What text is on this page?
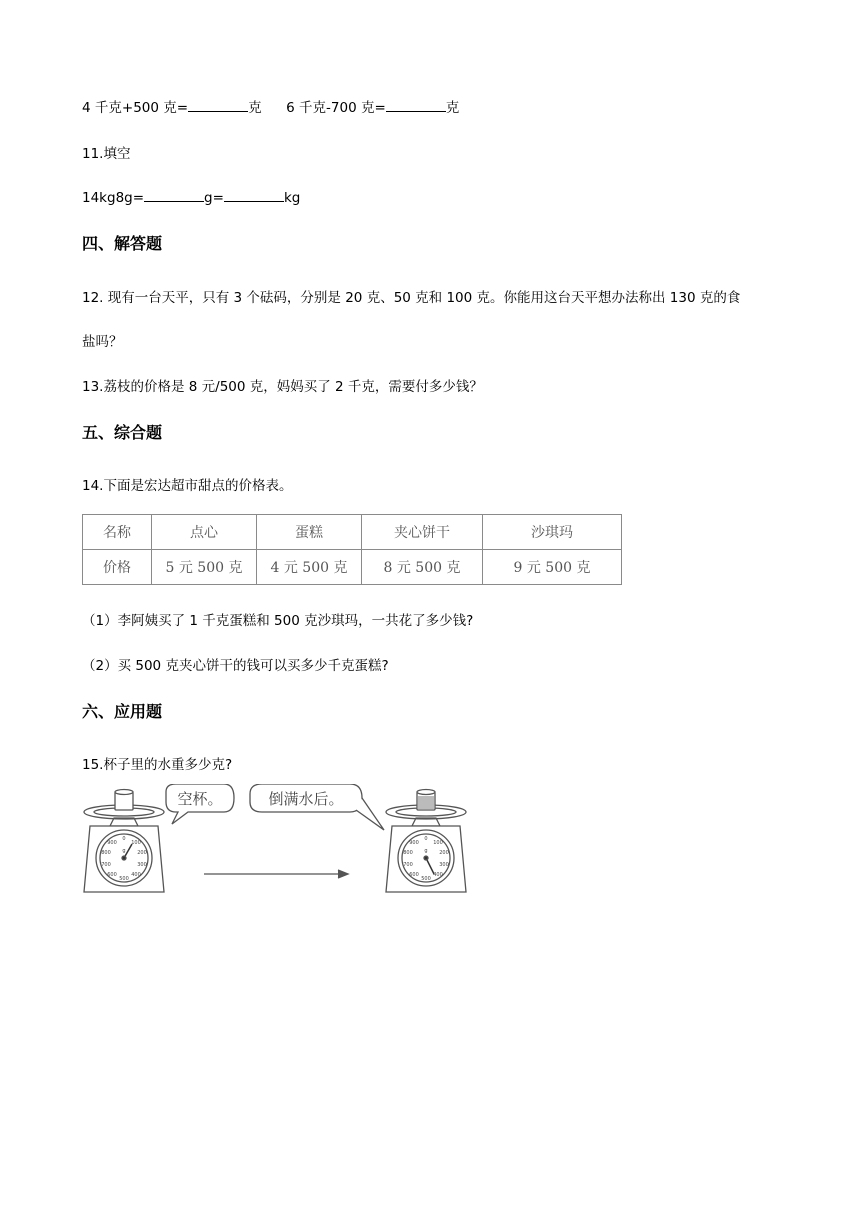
4 千克+500 克=	克 6 千克-700 克=	克
11.填空
14kg8g=	g=	kg
四、解答题
12. 现有一台天平，只有 3 个砝码，分别是 20 克、50 克和 100 克。你能用这台天平想办法称出 130 克的食
盐吗？
13.荔枝的价格是 8 元/500 克，妈妈买了 2 千克，需要付多少钱？
五、综合题
14.下面是宏达超市甜点的价格表。
名称	点心	蛋糕	夹心饼干	沙琪玛
价格	5 元 500 克	4 元 500 克	8 元 500 克	9 元 500 克
（1）李阿姨买了 1 千克蛋糕和 500 克沙琪玛，一共花了多少钱?
（2）买 500 克夹心饼干的钱可以买多少千克蛋糕?
六、应用题
15.杯子里的水重多少克?
空杯。	倒满水后。
0
100
200
300
400
500
600
700
800
900
g
0
100
200
300
400
500
600
700
800
900
g
